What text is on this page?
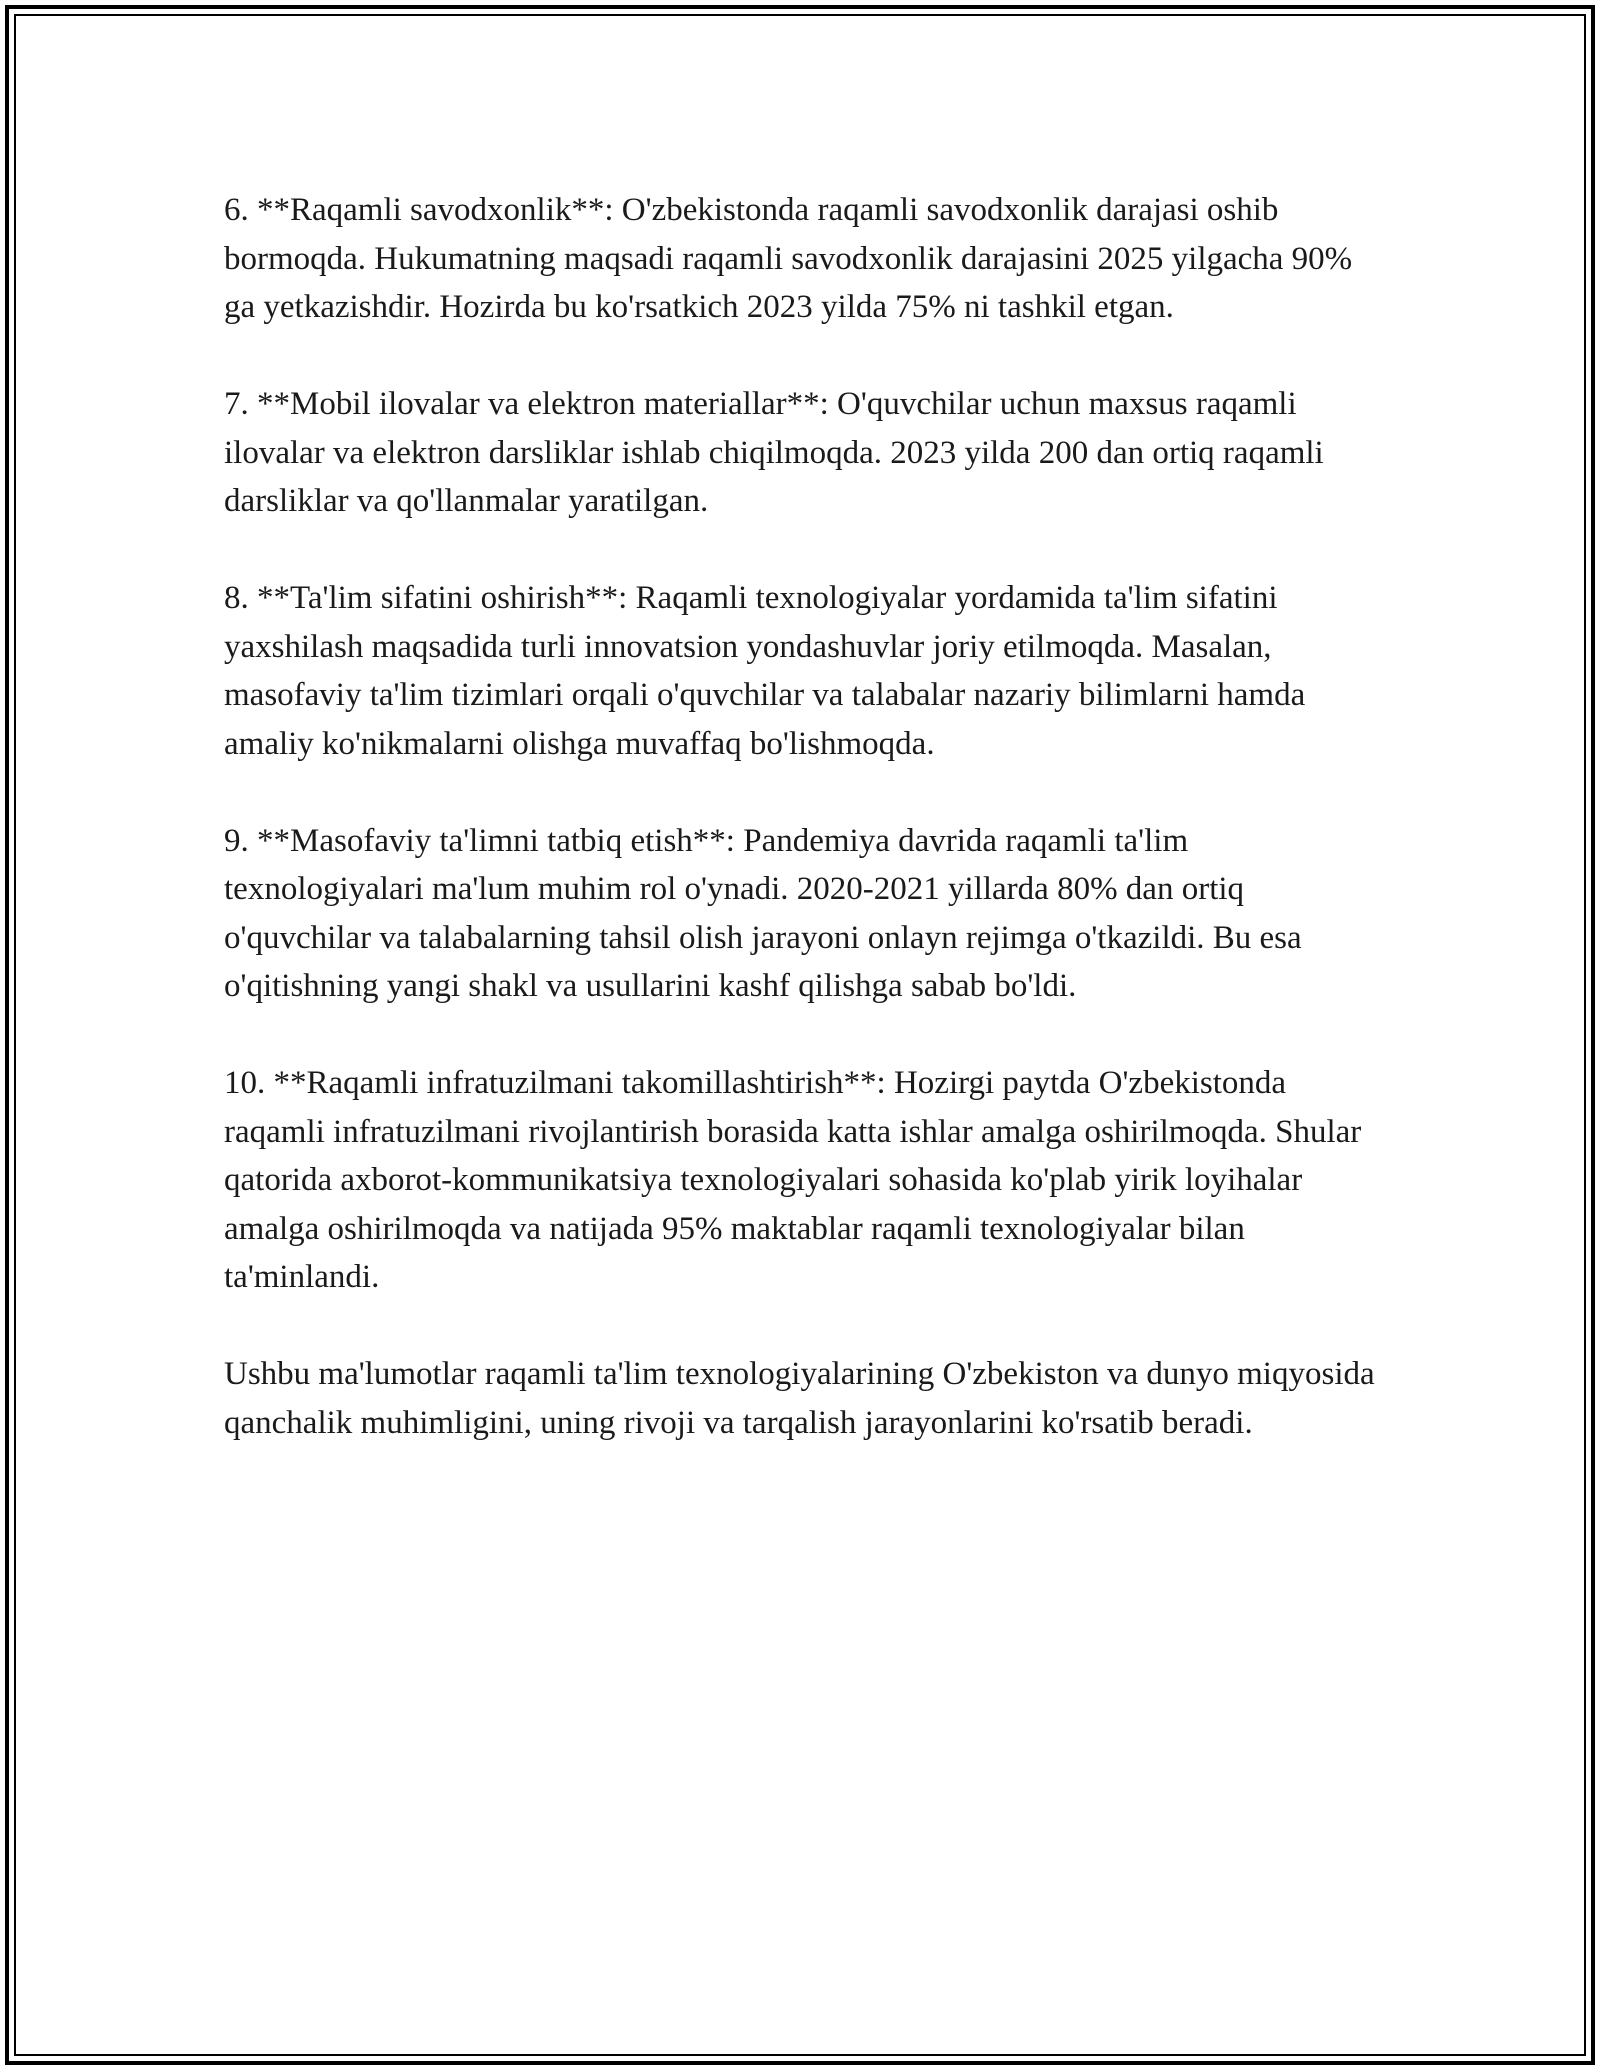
6. **Raqamli savodxonlik**: O'zbekistonda raqamli savodxonlik darajasi oshib bormoqda. Hukumatning maqsadi raqamli savodxonlik darajasini 2025 yilgacha 90% ga yetkazishdir. Hozirda bu ko'rsatkich 2023 yilda 75% ni tashkil etgan.

7. **Mobil ilovalar va elektron materiallar**: O'quvchilar uchun maxsus raqamli ilovalar va elektron darsliklar ishlab chiqilmoqda. 2023 yilda 200 dan ortiq raqamli darsliklar va qo'llanmalar yaratilgan.

8. **Ta'lim sifatini oshirish**: Raqamli texnologiyalar yordamida ta'lim sifatini yaxshilash maqsadida turli innovatsion yondashuvlar joriy etilmoqda. Masalan, masofaviy ta'lim tizimlari orqali o'quvchilar va talabalar nazariy bilimlarni hamda amaliy ko'nikmalarni olishga muvaffaq bo'lishmoqda.

9. **Masofaviy ta'limni tatbiq etish**: Pandemiya davrida raqamli ta'lim texnologiyalari ma'lum muhim rol o'ynadi. 2020-2021 yillarda 80% dan ortiq o'quvchilar va talabalarning tahsil olish jarayoni onlayn rejimga o'tkazildi. Bu esa o'qitishning yangi shakl va usullarini kashf qilishga sabab bo'ldi.

10. **Raqamli infratuzilmani takomillashtirish**: Hozirgi paytda O'zbekistonda raqamli infratuzilmani rivojlantirish borasida katta ishlar amalga oshirilmoqda. Shular qatorida axborot-kommunikatsiya texnologiyalari sohasida ko'plab yirik loyihalar amalga oshirilmoqda va natijada 95% maktablar raqamli texnologiyalar bilan ta'minlandi.

Ushbu ma'lumotlar raqamli ta'lim texnologiyalarining O'zbekiston va dunyo miqyosida qanchalik muhimligini, uning rivoji va tarqalish jarayonlarini ko'rsatib beradi.
